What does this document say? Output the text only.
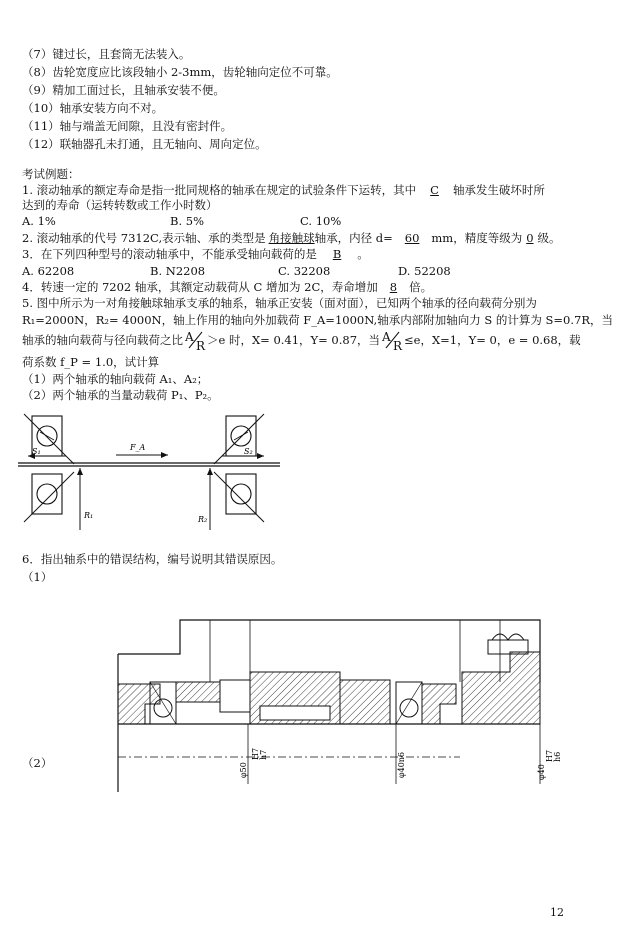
（7）键过长，且套筒无法装入。
（8）齿轮宽度应比该段轴小 2-3mm，齿轮轴向定位不可靠。
（9）精加工面过长，且轴承安装不便。
（10）轴承安装方向不对。
（11）轴与端盖无间隙，且没有密封件。
（12）联轴器孔未打通，且无轴向、周向定位。
考试例题：
1. 滚动轴承的额定寿命是指一批同规格的轴承在规定的试验条件下运转，其中 C 轴承发生破坏时所
达到的寿命（运转转数或工作小时数）
A. 1%	B. 5%	C. 10%
2. 滚动轴承的代号 7312C,表示轴、承的类型是 角接触球轴承，内径 d= 60 mm，精度等级为 0 级。
3．在下列四种型号的滚动轴承中，不能承受轴向载荷的是 B 。
A. 62208	B. N2208	C. 32208	D. 52208
4．转速一定的 7202 轴承，其额定动载荷从 C 增加为 2C，寿命增加 8 倍。
5. 图中所示为一对角接触球轴承支承的轴系，轴承正安装（面对面），已知两个轴承的径向载荷分别为
R₁=2000N，R₂= 4000N，轴上作用的轴向外加载荷 F_A=1000N,轴承内部附加轴向力 S 的计算为 S=0.7R，当
轴承的轴向载荷与径向载荷之比 A
R ＞e 时，X= 0.41，Y= 0.87，当 A
R ≤e，X=1，Y= 0，e = 0.68，载
荷系数 f_P = 1.0，试计算
（1）两个轴承的轴向载荷 A₁、A₂；
（2）两个轴承的当量动载荷 P₁、P₂。
S₁	S₂
F_A
R₁	R₂
6．指出轴系中的错误结构，编号说明其错误原因。
（1）
（2）	φ50
H7 h7	φ40n6	φ40
H7 h6
12
